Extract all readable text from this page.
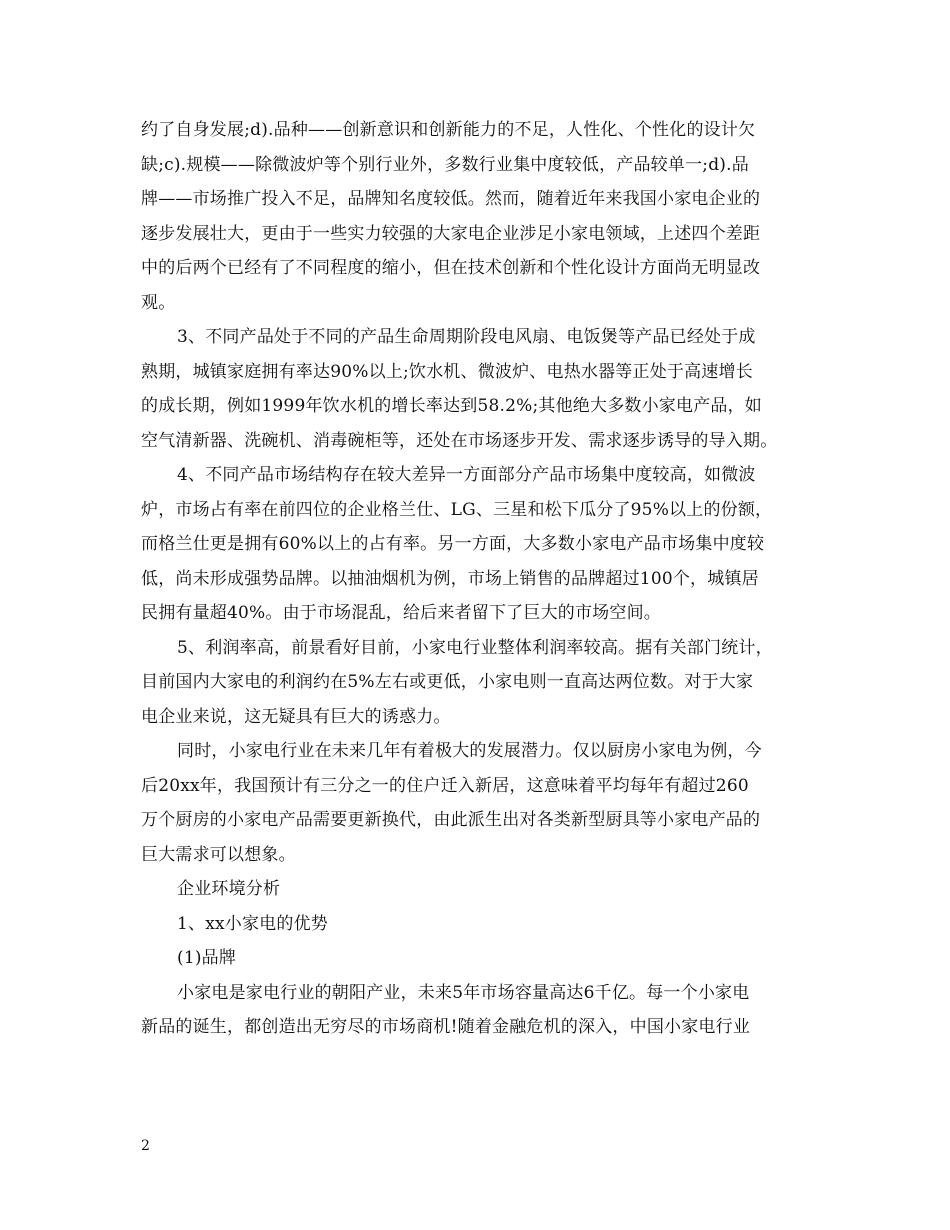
约了自身发展;d).品种——创新意识和创新能力的不足，人性化、个性化的设计欠
缺;c).规模——除微波炉等个别行业外，多数行业集中度较低，产品较单一;d).品
牌——市场推广投入不足，品牌知名度较低。然而，随着近年来我国小家电企业的
逐步发展壮大，更由于一些实力较强的大家电企业涉足小家电领域，上述四个差距
中的后两个已经有了不同程度的缩小，但在技术创新和个性化设计方面尚无明显改
观。
3、不同产品处于不同的产品生命周期阶段电风扇、电饭煲等产品已经处于成
熟期，城镇家庭拥有率达90%以上;饮水机、微波炉、电热水器等正处于高速增长
的成长期，例如1999年饮水机的增长率达到58.2%;其他绝大多数小家电产品，如
空气清新器、洗碗机、消毒碗柜等，还处在市场逐步开发、需求逐步诱导的导入期。
4、不同产品市场结构存在较大差异一方面部分产品市场集中度较高，如微波
炉，市场占有率在前四位的企业格兰仕、LG、三星和松下瓜分了95%以上的份额，
而格兰仕更是拥有60%以上的占有率。另一方面，大多数小家电产品市场集中度较
低，尚未形成强势品牌。以抽油烟机为例，市场上销售的品牌超过100个，城镇居
民拥有量超40%。由于市场混乱，给后来者留下了巨大的市场空间。
5、利润率高，前景看好目前，小家电行业整体利润率较高。据有关部门统计，
目前国内大家电的利润约在5%左右或更低，小家电则一直高达两位数。对于大家
电企业来说，这无疑具有巨大的诱惑力。
同时，小家电行业在未来几年有着极大的发展潜力。仅以厨房小家电为例，今
后20xx年，我国预计有三分之一的住户迁入新居，这意味着平均每年有超过260
万个厨房的小家电产品需要更新换代，由此派生出对各类新型厨具等小家电产品的
巨大需求可以想象。
企业环境分析
1、xx小家电的优势
(1)品牌
小家电是家电行业的朝阳产业，未来5年市场容量高达6千亿。每一个小家电
新品的诞生，都创造出无穷尽的市场商机!随着金融危机的深入，中国小家电行业
2
